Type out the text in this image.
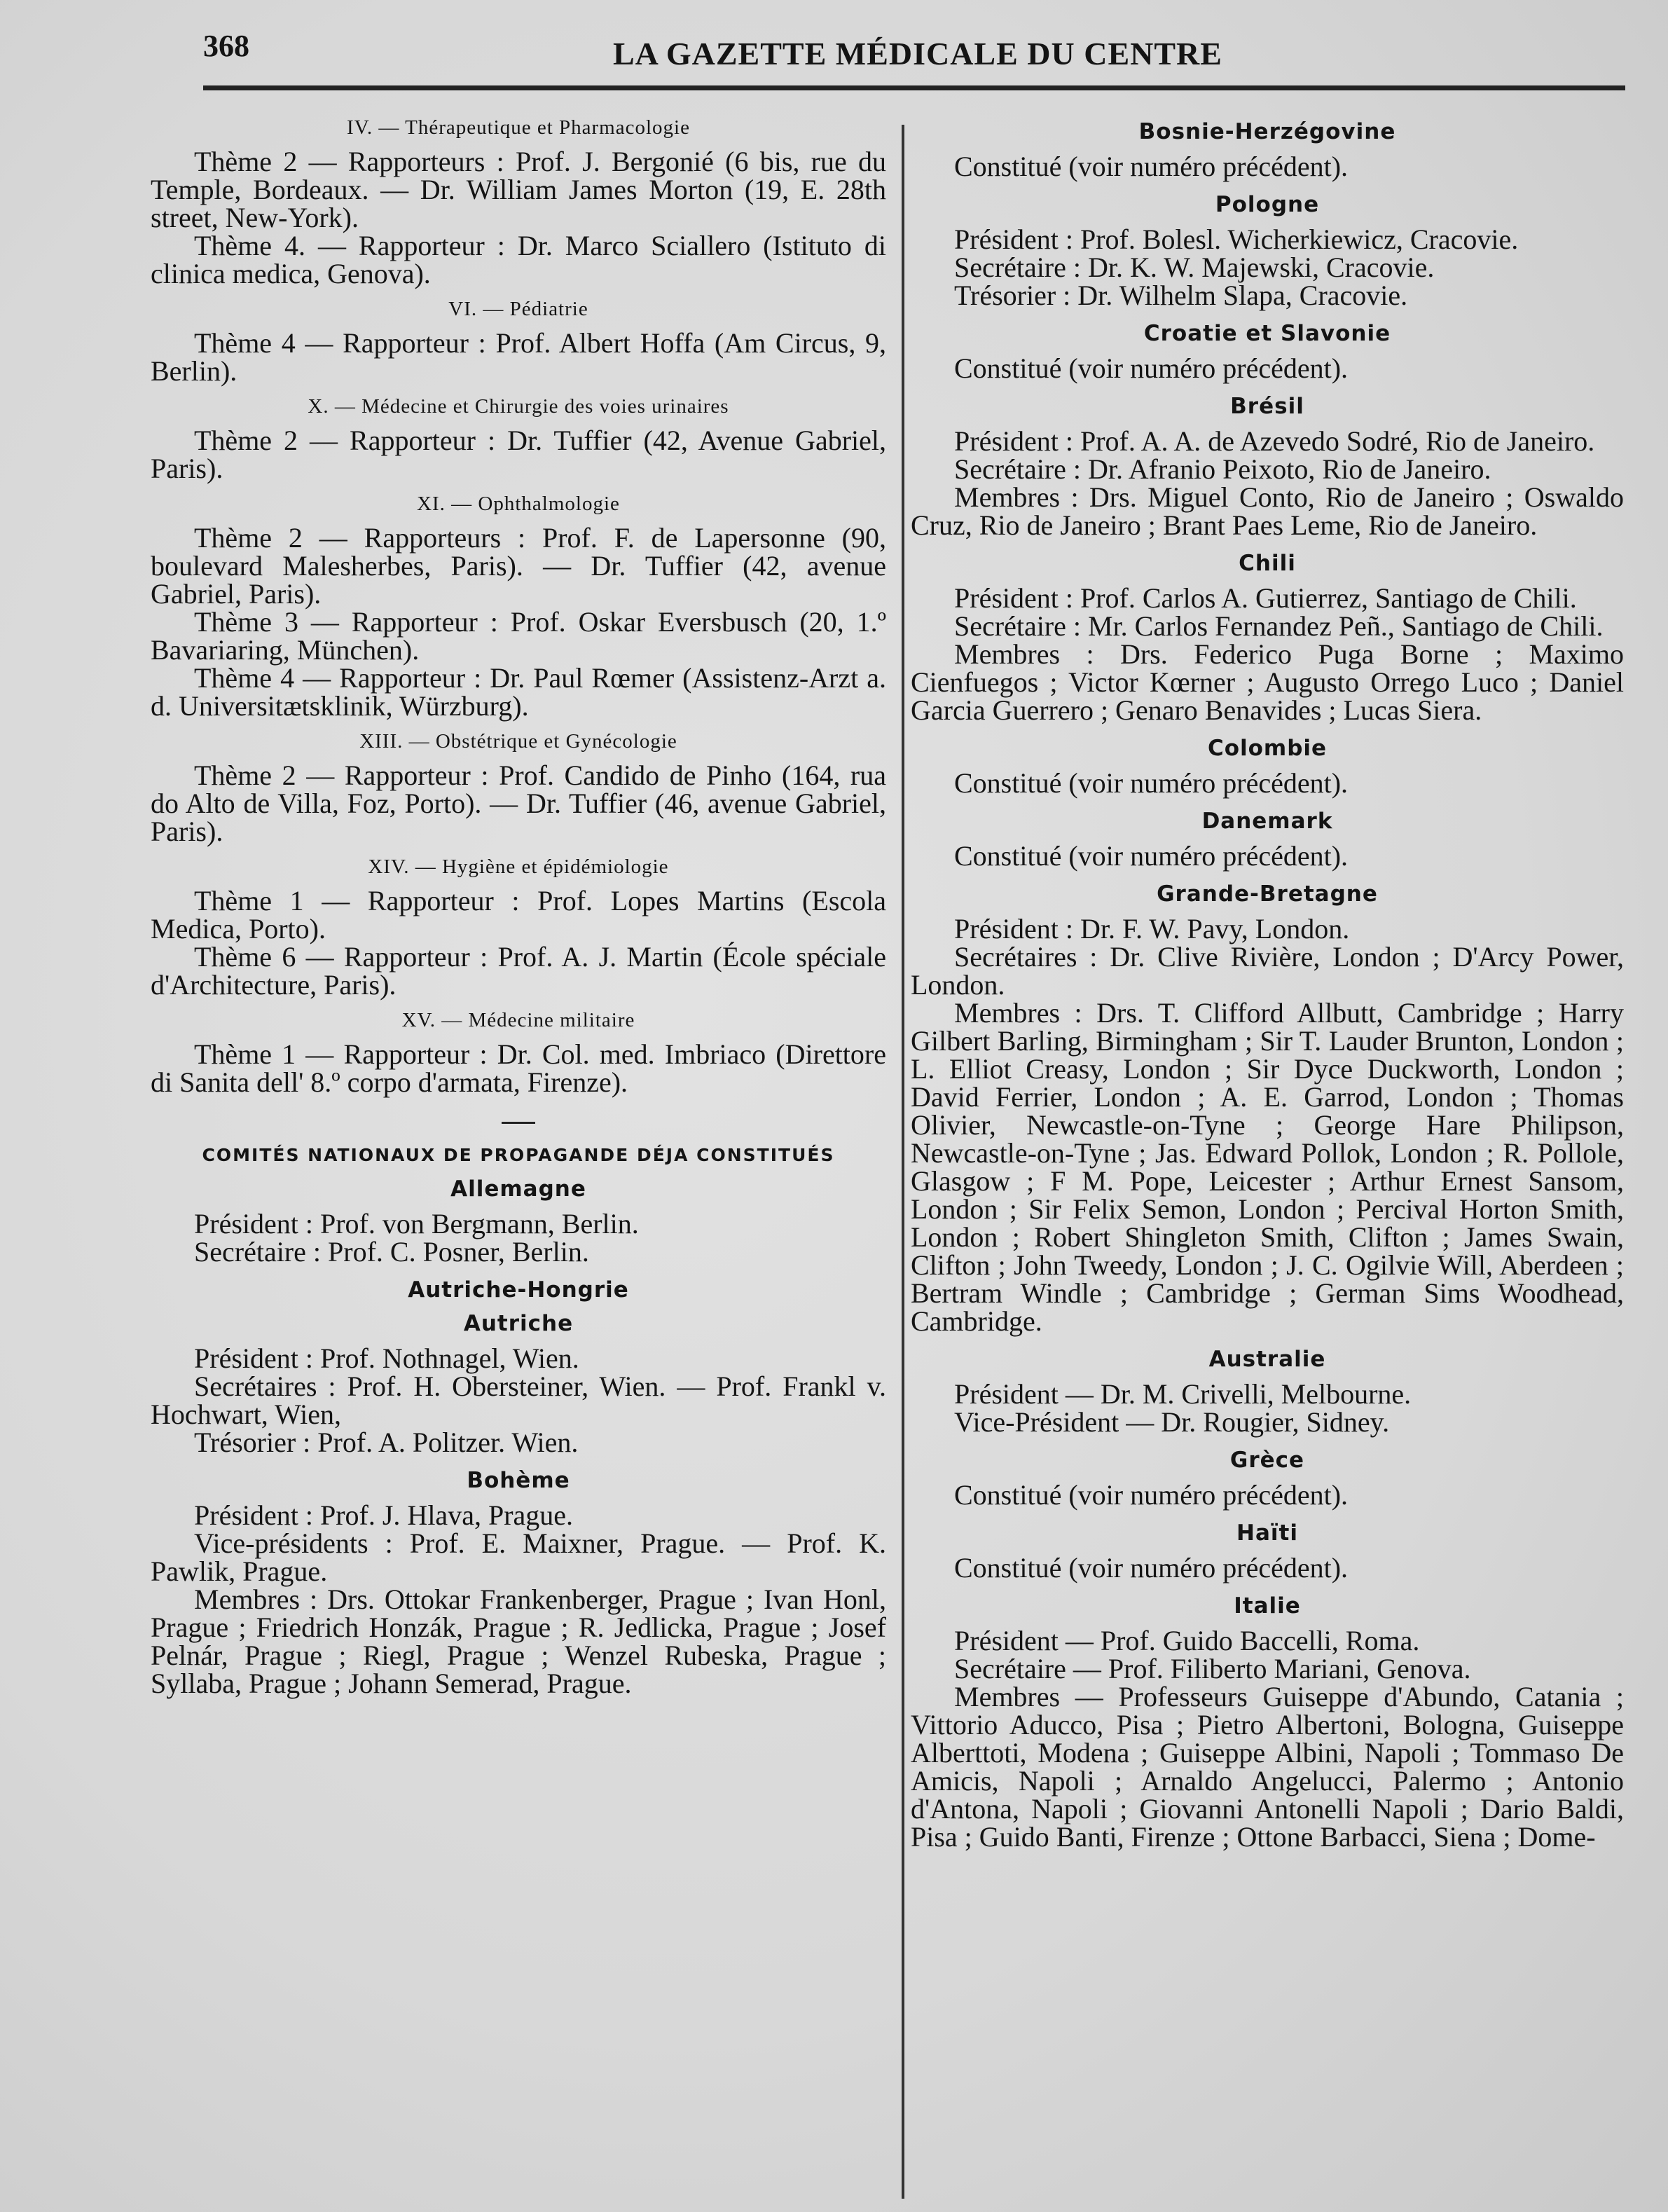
368	LA GAZETTE MÉDICALE DU CENTRE
IV. — Thérapeutique et Pharmacologie

Thème 2 — Rapporteurs : Prof. J. Bergonié (6 bis, rue du Temple, Bordeaux. — Dr. William James Morton (19, E. 28th street, New-York).

Thème 4. — Rapporteur : Dr. Marco Sciallero (Istituto di clinica medica, Genova).

VI. — Pédiatrie

Thème 4 — Rapporteur : Prof. Albert Hoffa (Am Circus, 9, Berlin).

X. — Médecine et Chirurgie des voies urinaires

Thème 2 — Rapporteur : Dr. Tuffier (42, Avenue Gabriel, Paris).

XI. — Ophthalmologie

Thème 2 — Rapporteurs : Prof. F. de Lapersonne (90, boulevard Malesherbes, Paris). — Dr. Tuffier (42, avenue Gabriel, Paris).

Thème 3 — Rapporteur : Prof. Oskar Eversbusch (20, 1.º Bavariaring, München).

Thème 4 — Rapporteur : Dr. Paul Rœmer (Assistenz-Arzt a. d. Universitætsklinik, Würzburg).

XIII. — Obstétrique et Gynécologie

Thème 2 — Rapporteur : Prof. Candido de Pinho (164, rua do Alto de Villa, Foz, Porto). — Dr. Tuffier (46, avenue Gabriel, Paris).

XIV. — Hygiène et épidémiologie

Thème 1 — Rapporteur : Prof. Lopes Martins (Escola Medica, Porto).

Thème 6 — Rapporteur : Prof. A. J. Martin (École spéciale d'Architecture, Paris).

XV. — Médecine militaire

Thème 1 — Rapporteur : Dr. Col. med. Imbriaco (Direttore di Sanita dell' 8.º corpo d'armata, Firenze).

COMITÉS NATIONAUX DE PROPAGANDE DÉJA CONSTITUÉS
Allemagne

Président : Prof. von Bergmann, Berlin.

Secrétaire : Prof. C. Posner, Berlin.

Autriche-Hongrie
Autriche

Président : Prof. Nothnagel, Wien.

Secrétaires : Prof. H. Obersteiner, Wien. — Prof. Frankl v. Hochwart, Wien,

Trésorier : Prof. A. Politzer. Wien.

Bohème

Président : Prof. J. Hlava, Prague.

Vice-présidents : Prof. E. Maixner, Prague. — Prof. K. Pawlik, Prague.

Membres : Drs. Ottokar Frankenberger, Prague ; Ivan Honl, Prague ; Friedrich Honzák, Prague ; R. Jedlicka, Prague ; Josef Pelnár, Prague ; Riegl, Prague ; Wenzel Rubeska, Prague ; Syllaba, Prague ; Johann Semerad, Prague.

Bosnie-Herzégovine

Constitué (voir numéro précédent).

Pologne

Président : Prof. Bolesl. Wicherkiewicz, Cracovie.

Secrétaire : Dr. K. W. Majewski, Cracovie.

Trésorier : Dr. Wilhelm Slapa, Cracovie.

Croatie et Slavonie

Constitué (voir numéro précédent).

Brésil

Président : Prof. A. A. de Azevedo Sodré, Rio de Janeiro.

Secrétaire : Dr. Afranio Peixoto, Rio de Janeiro.

Membres : Drs. Miguel Conto, Rio de Janeiro ; Oswaldo Cruz, Rio de Janeiro ; Brant Paes Leme, Rio de Janeiro.

Chili

Président : Prof. Carlos A. Gutierrez, Santiago de Chili.

Secrétaire : Mr. Carlos Fernandez Peñ., Santiago de Chili.

Membres : Drs. Federico Puga Borne ; Maximo Cienfuegos ; Victor Kœrner ; Augusto Orrego Luco ; Daniel Garcia Guerrero ; Genaro Benavides ; Lucas Siera.

Colombie

Constitué (voir numéro précédent).

Danemark

Constitué (voir numéro précédent).

Grande-Bretagne

Président : Dr. F. W. Pavy, London.

Secrétaires : Dr. Clive Rivière, London ; D'Arcy Power, London.

Membres : Drs. T. Clifford Allbutt, Cambridge ; Harry Gilbert Barling, Birmingham ; Sir T. Lauder Brunton, London ; L. Elliot Creasy, London ; Sir Dyce Duckworth, London ; David Ferrier, London ; A. E. Garrod, London ; Thomas Olivier, Newcastle-on-Tyne ; George Hare Philipson, Newcastle-on-Tyne ; Jas. Edward Pollok, London ; R. Pollole, Glasgow ; F M. Pope, Leicester ; Arthur Ernest Sansom, London ; Sir Felix Semon, London ; Percival Horton Smith, London ; Robert Shingleton Smith, Clifton ; James Swain, Clifton ; John Tweedy, London ; J. C. Ogilvie Will, Aberdeen ; Bertram Windle ; Cambridge ; German Sims Woodhead, Cambridge.

Australie

Président — Dr. M. Crivelli, Melbourne.

Vice-Président — Dr. Rougier, Sidney.

Grèce

Constitué (voir numéro précédent).

Haïti

Constitué (voir numéro précédent).

Italie

Président — Prof. Guido Baccelli, Roma.

Secrétaire — Prof. Filiberto Mariani, Genova.

Membres — Professeurs Guiseppe d'Abundo, Catania ; Vittorio Aducco, Pisa ; Pietro Albertoni, Bologna, Guiseppe Alberttoti, Modena ; Guiseppe Albini, Napoli ; Tommaso De Amicis, Napoli ; Arnaldo Angelucci, Palermo ; Antonio d'Antona, Napoli ; Giovanni Antonelli Napoli ; Dario Baldi, Pisa ; Guido Banti, Firenze ; Ottone Barbacci, Siena ; Dome-
